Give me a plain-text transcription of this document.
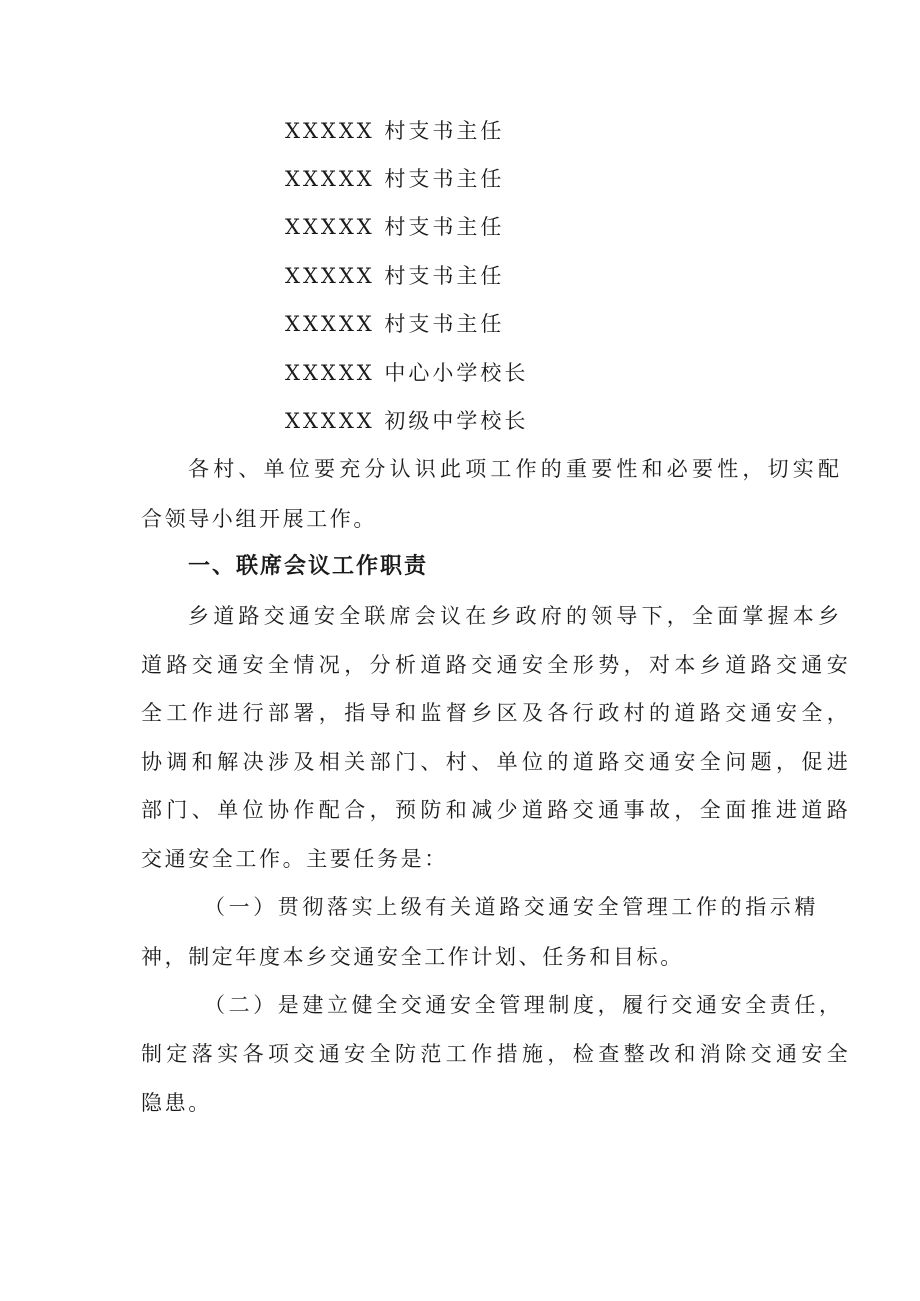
XXXXX 村支书主任
XXXXX 村支书主任
XXXXX 村支书主任
XXXXX 村支书主任
XXXXX 村支书主任
XXXXX 中心小学校长
XXXXX 初级中学校长
各村、单位要充分认识此项工作的重要性和必要性，切实配
合领导小组开展工作。
一、联席会议工作职责
乡道路交通安全联席会议在乡政府的领导下，全面掌握本乡
道路交通安全情况，分析道路交通安全形势，对本乡道路交通安
全工作进行部署，指导和监督乡区及各行政村的道路交通安全，
协调和解决涉及相关部门、村、单位的道路交通安全问题，促进
部门、单位协作配合，预防和减少道路交通事故，全面推进道路
交通安全工作。主要任务是：
（一）贯彻落实上级有关道路交通安全管理工作的指示精
神，制定年度本乡交通安全工作计划、任务和目标。
（二）是建立健全交通安全管理制度，履行交通安全责任，
制定落实各项交通安全防范工作措施，检查整改和消除交通安全
隐患。
